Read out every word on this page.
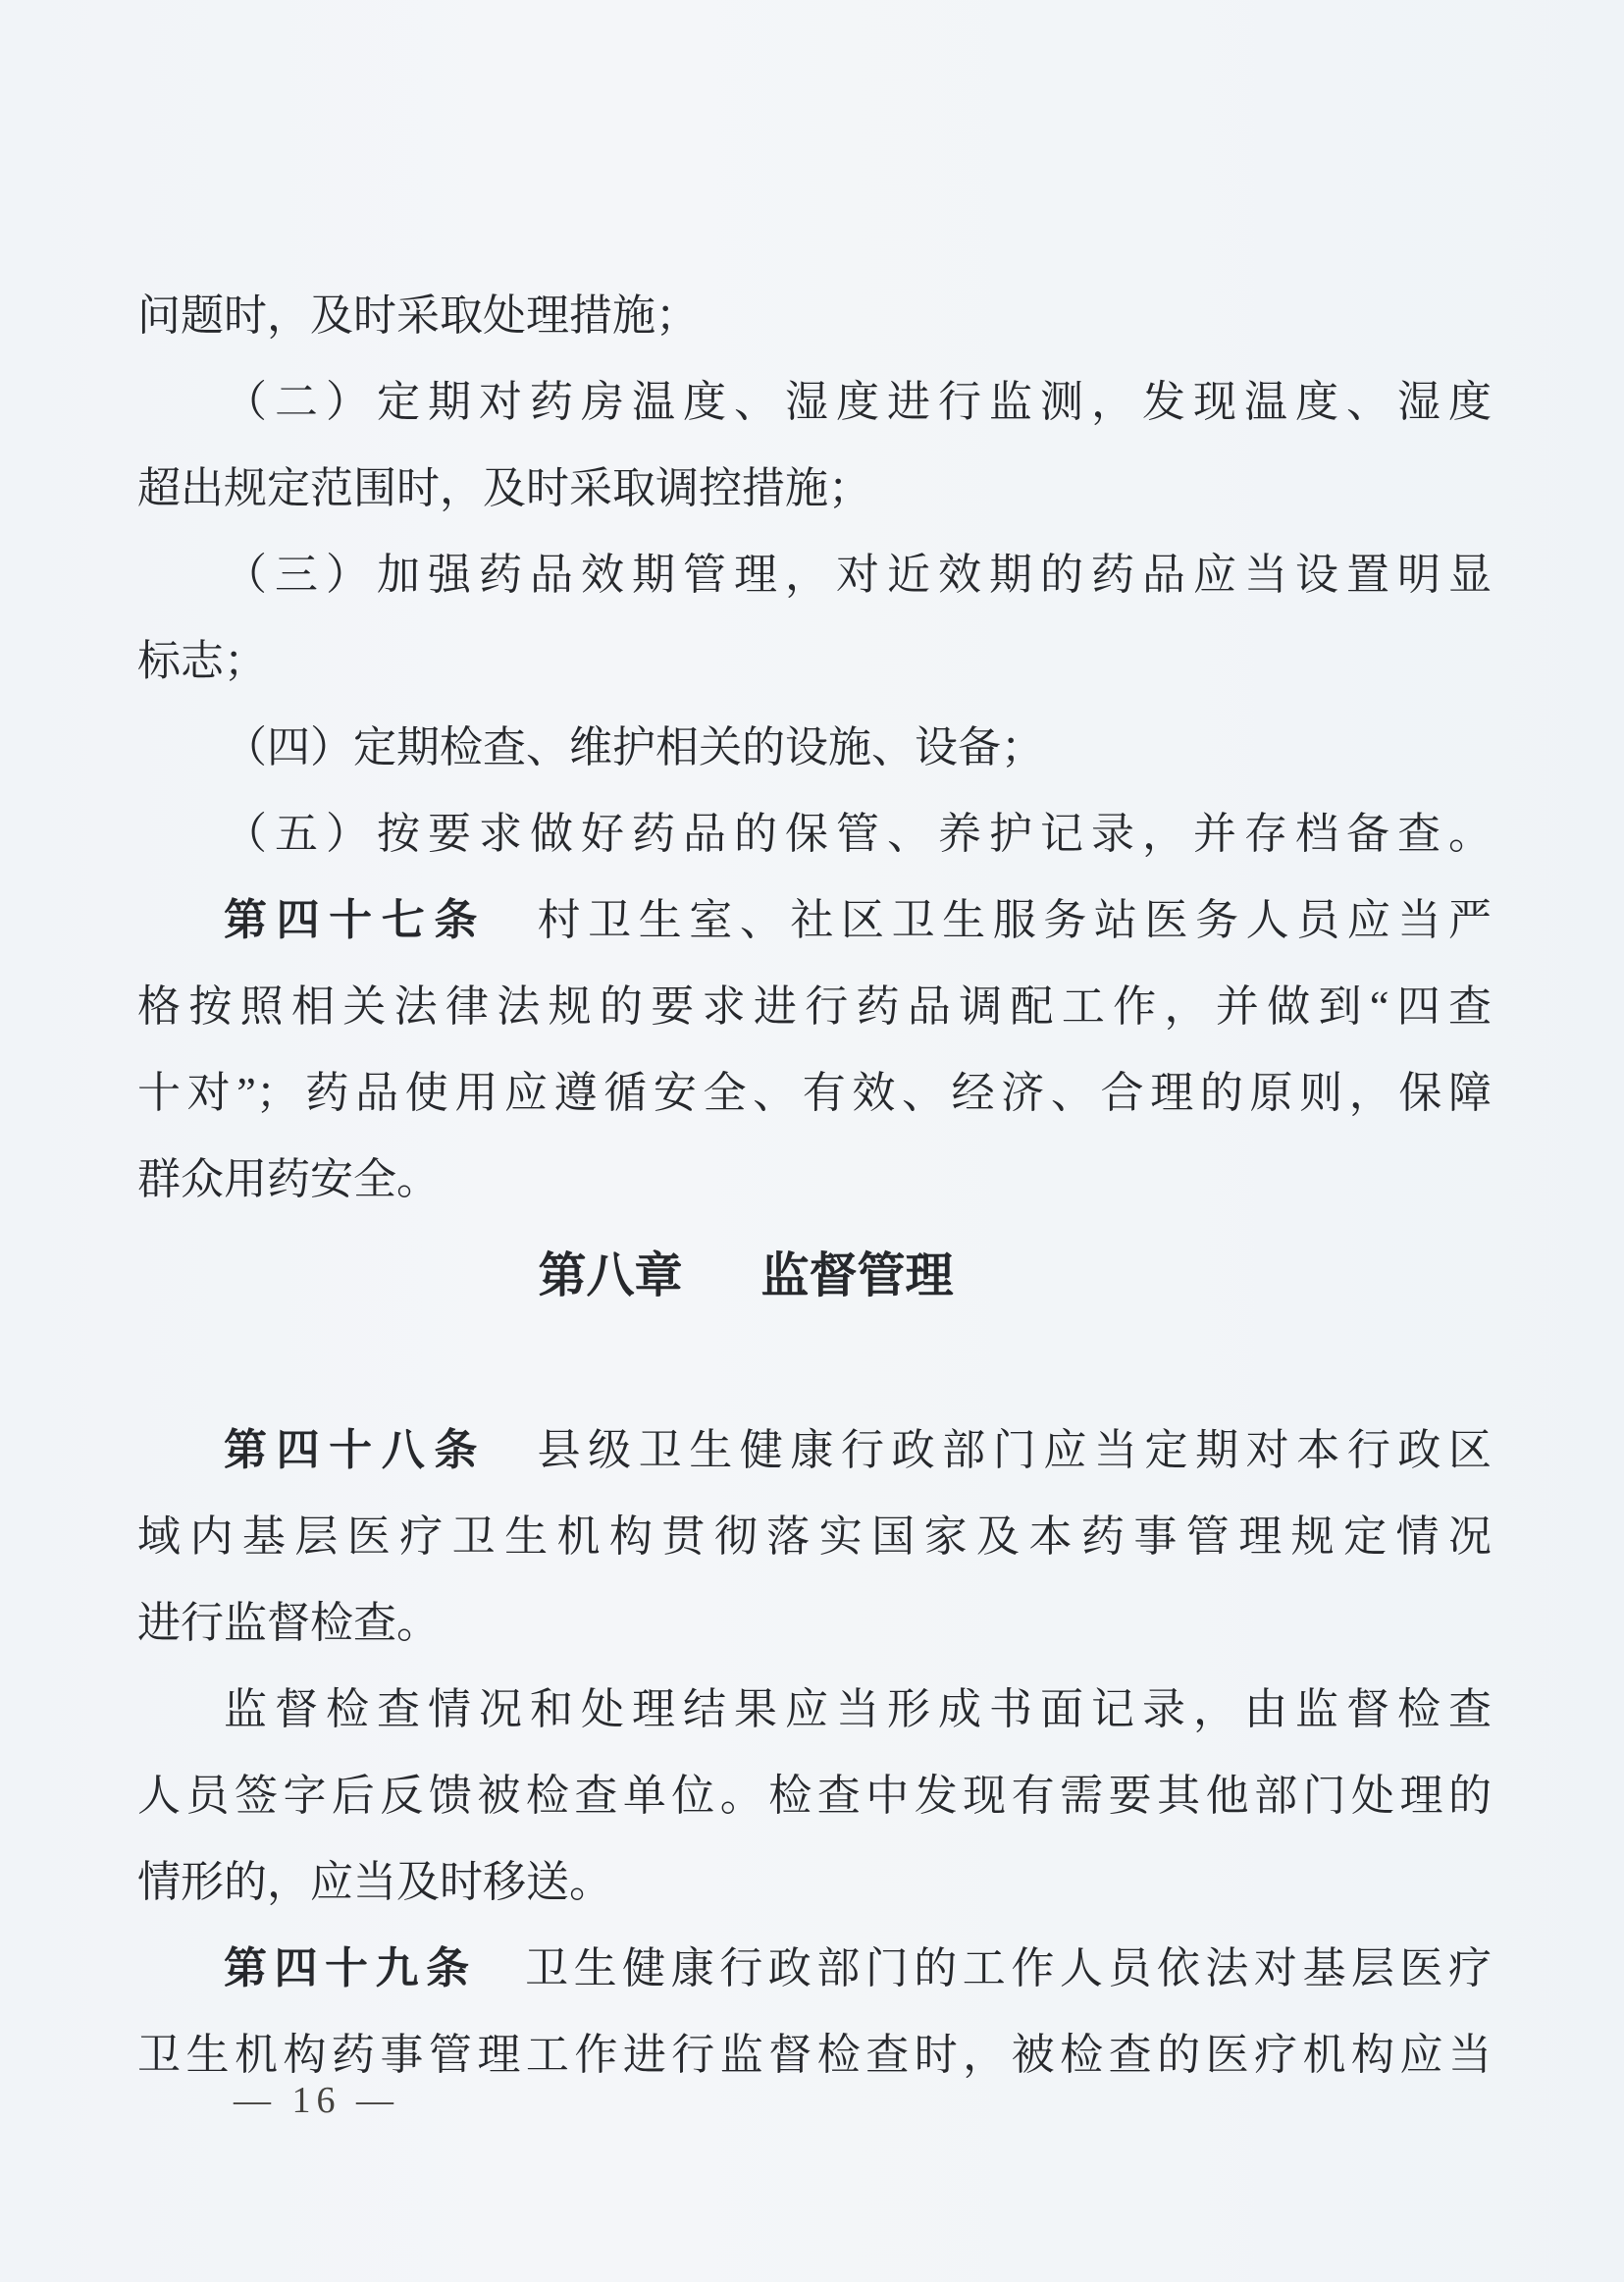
问题时，及时采取处理措施；
（二）定期对药房温度、湿度进行监测，发现温度、湿度
超出规定范围时，及时采取调控措施；
（三）加强药品效期管理，对近效期的药品应当设置明显
标志；
（四）定期检查、维护相关的设施、设备；
（五）按要求做好药品的保管、养护记录，并存档备查。
第四十七条　村卫生室、社区卫生服务站医务人员应当严
格按照相关法律法规的要求进行药品调配工作，并做到“四查
十对”；药品使用应遵循安全、有效、经济、合理的原则，保障
群众用药安全。
第八章 监督管理
第四十八条　县级卫生健康行政部门应当定期对本行政区
域内基层医疗卫生机构贯彻落实国家及本药事管理规定情况
进行监督检查。
监督检查情况和处理结果应当形成书面记录，由监督检查
人员签字后反馈被检查单位。检查中发现有需要其他部门处理的
情形的，应当及时移送。
第四十九条　卫生健康行政部门的工作人员依法对基层医疗
卫生机构药事管理工作进行监督检查时，被检查的医疗机构应当
— 16 —
